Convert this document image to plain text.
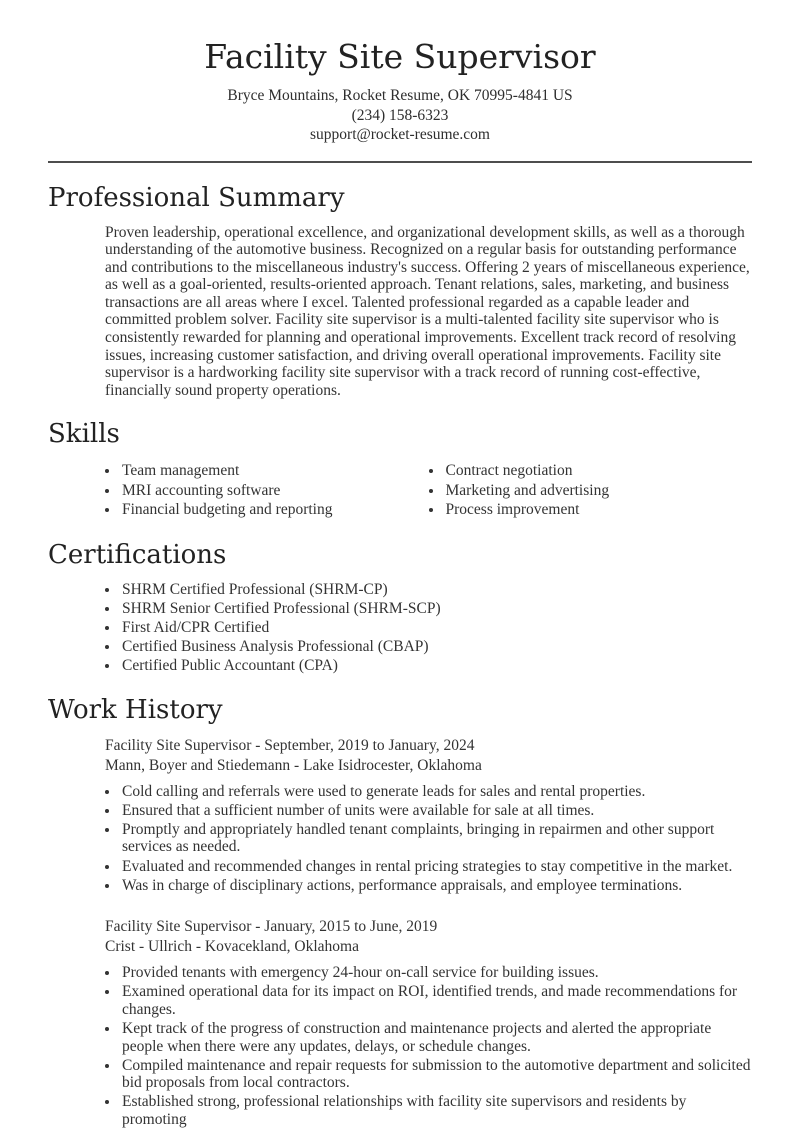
Facility Site Supervisor
Bryce Mountains, Rocket Resume, OK 70995-4841 US
(234) 158-6323
support@rocket-resume.com
Professional Summary

Proven leadership, operational excellence, and organizational development skills, as well as a thorough understanding of the automotive business. Recognized on a regular basis for outstanding performance and contributions to the miscellaneous industry's success. Offering 2 years of miscellaneous experience, as well as a goal-oriented, results-oriented approach. Tenant relations, sales, marketing, and business transactions are all areas where I excel. Talented professional regarded as a capable leader and committed problem solver. Facility site supervisor is a multi-talented facility site supervisor who is consistently rewarded for planning and operational improvements. Excellent track record of resolving issues, increasing customer satisfaction, and driving overall operational improvements. Facility site supervisor is a hardworking facility site supervisor with a track record of running cost-effective, financially sound property operations.

Skills
• Team management
• MRI accounting software
• Financial budgeting and reporting
• Contract negotiation
• Marketing and advertising
• Process improvement
Certifications
• SHRM Certified Professional (SHRM-CP)
• SHRM Senior Certified Professional (SHRM-SCP)
• First Aid/CPR Certified
• Certified Business Analysis Professional (CBAP)
• Certified Public Accountant (CPA)
Work History

Facility Site Supervisor - September, 2019 to January, 2024

Mann, Boyer and Stiedemann - Lake Isidrocester, Oklahoma

• Cold calling and referrals were used to generate leads for sales and rental properties.
• Ensured that a sufficient number of units were available for sale at all times.
• Promptly and appropriately handled tenant complaints, bringing in repairmen and other support services as needed.
• Evaluated and recommended changes in rental pricing strategies to stay competitive in the market.
• Was in charge of disciplinary actions, performance appraisals, and employee terminations.

Facility Site Supervisor - January, 2015 to June, 2019

Crist - Ullrich - Kovacekland, Oklahoma

• Provided tenants with emergency 24-hour on-call service for building issues.
• Examined operational data for its impact on ROI, identified trends, and made recommendations for changes.
• Kept track of the progress of construction and maintenance projects and alerted the appropriate people when there were any updates, delays, or schedule changes.
• Compiled maintenance and repair requests for submission to the automotive department and solicited bid proposals from local contractors.
• Established strong, professional relationships with facility site supervisors and residents by promoting
